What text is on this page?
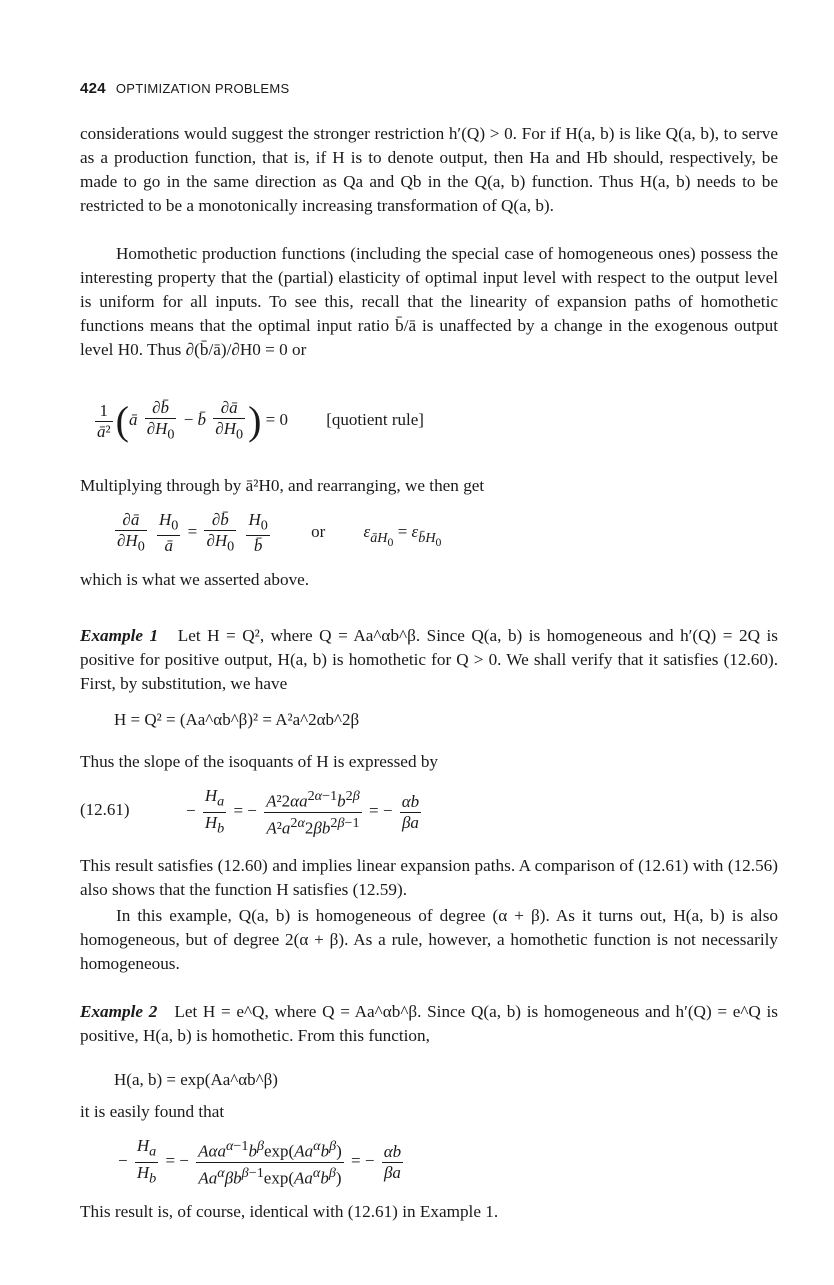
424 OPTIMIZATION PROBLEMS

considerations would suggest the stronger restriction h′(Q) > 0. For if H(a, b) is like Q(a, b), to serve as a production function, that is, if H is to denote output, then Ha and Hb should, respectively, be made to go in the same direction as Qa and Qb in the Q(a, b) function. Thus H(a, b) needs to be restricted to be a monotonically increasing transformation of Q(a, b).

Homothetic production functions (including the special case of homogeneous ones) possess the interesting property that the (partial) elasticity of optimal input level with respect to the output level is uniform for all inputs. To see this, recall that the linearity of expansion paths of homothetic functions means that the optimal input ratio b̄/ā is unaffected by a change in the exogenous output level H0. Thus ∂(b̄/ā)/∂H0 = 0 or

$\frac{1}{\text{ā²}}$ (ā $\frac{\partial b̄}{\partial H_0}$ − b̄ $\frac{\partial ā}{\partial H_0}$ ) = 0 [quotient rule]

Multiplying through by ā²H0, and rearranging, we then get

$\frac{\partial ā}{\partial H_0}$
$\frac{H_0}{ā} = \frac{\partial b̄}{\partial H_0}$
$\frac{H_0}{b̄}$ or $\varepsilon_{āH_0} = \varepsilon_{b̄H_0}$

which is what we asserted above.

Example 1 Let H = Q², where Q = Aa^αb^β. Since Q(a, b) is homogeneous and h′(Q) = 2Q is positive for positive output, H(a, b) is homothetic for Q > 0. We shall verify that it satisfies (12.60). First, by substitution, we have

H = Q² = (Aa^αb^β)² = A²a^2αb^2β

Thus the slope of the isoquants of H is expressed by

(12.61)	− $\frac{H_a}{H_b}$ = − $\frac{A^22\alpha a^{2\alpha-1}b^{2\beta}}{A^2a^{2\alpha}2\beta b^{2\beta-1}}$ = − $\frac{\alpha b}{\beta a}$

This result satisfies (12.60) and implies linear expansion paths. A comparison of (12.61) with (12.56) also shows that the function H satisfies (12.59).

In this example, Q(a, b) is homogeneous of degree (α + β). As it turns out, H(a, b) is also homogeneous, but of degree 2(α + β). As a rule, however, a homothetic function is not necessarily homogeneous.

Example 2 Let H = e^Q, where Q = Aa^αb^β. Since Q(a, b) is homogeneous and h′(Q) = e^Q is positive, H(a, b) is homothetic. From this function,

H(a, b) = exp(Aa^αb^β)

it is easily found that

− $\frac{H_a}{H_b}$ = − $\frac{A\alpha a^{\alpha-1}b^\beta\exp(Aa^\alpha b^\beta)}{Aa^\alpha\beta b^{\beta-1}\exp(Aa^\alpha b^\beta)}$ = − $\frac{\alpha b}{\beta a}$

This result is, of course, identical with (12.61) in Example 1.
